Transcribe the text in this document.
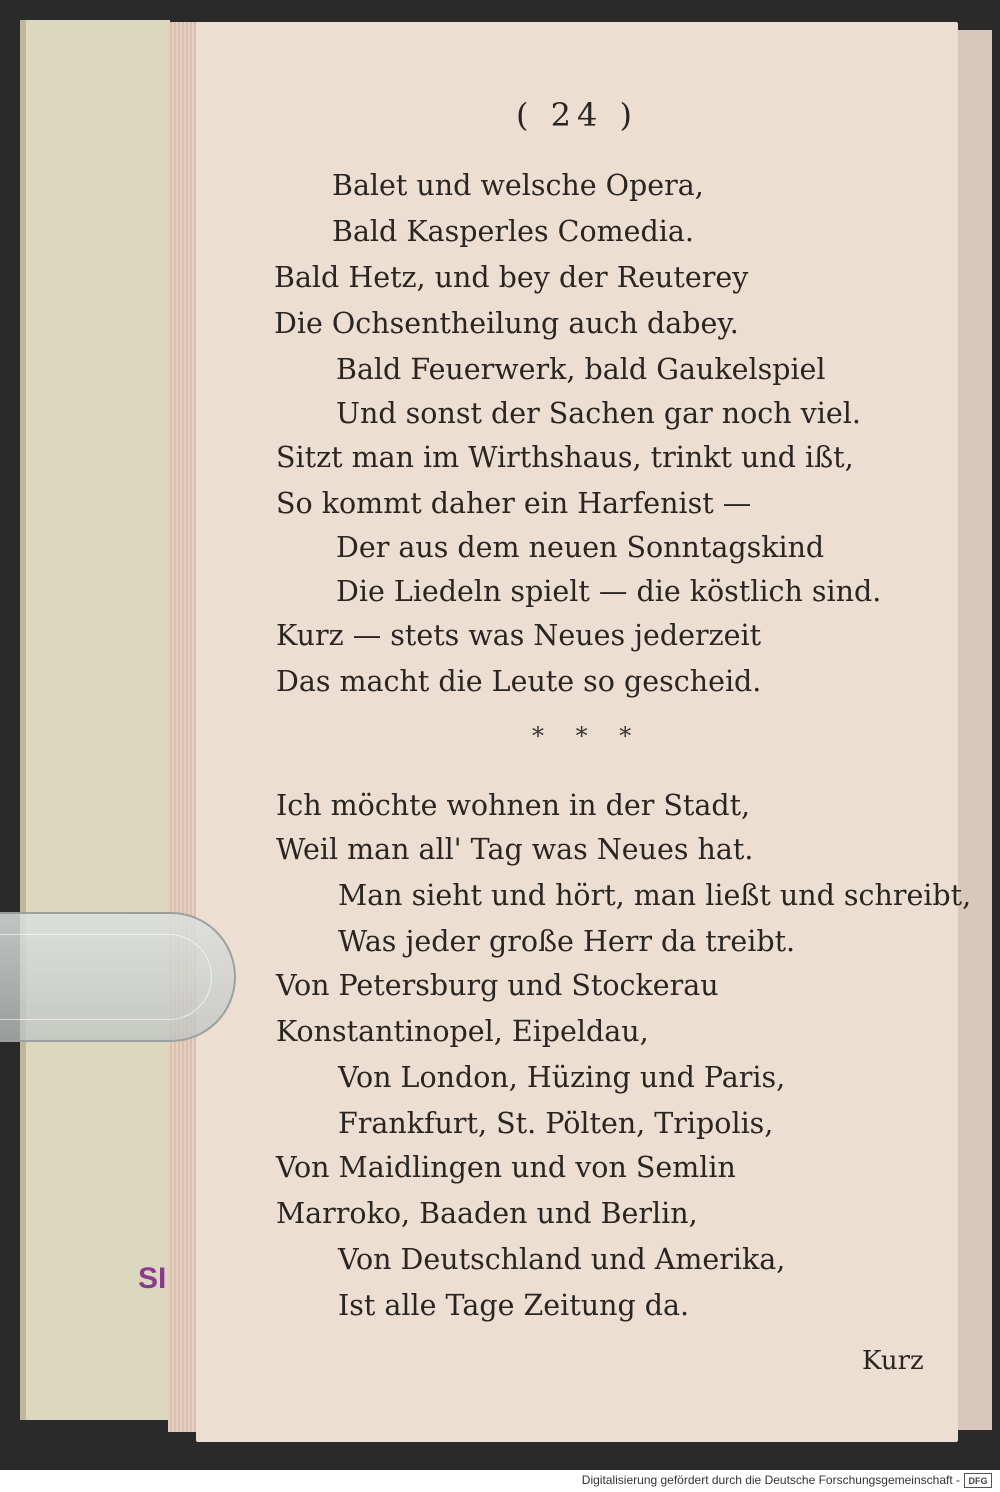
SI
( 24 )
Balet und welsche Opera,
Bald Kasperles Comedia.
Bald Hetz, und bey der Reuterey
Die Ochsentheilung auch dabey.
Bald Feuerwerk, bald Gaukelspiel
Und sonst der Sachen gar noch viel.
Sitzt man im Wirthshaus, trinkt und ißt,
So kommt daher ein Harfenist —
Der aus dem neuen Sonntagskind
Die Liedeln spielt — die köstlich sind.
Kurz — stets was Neues jederzeit
Das macht die Leute so gescheid.
* * *
Ich möchte wohnen in der Stadt,
Weil man all' Tag was Neues hat.
Man sieht und hört, man ließt und schreibt,
Was jeder große Herr da treibt.
Von Petersburg und Stockerau
Konstantinopel, Eipeldau,
Von London, Hüzing und Paris,
Frankfurt, St. Pölten, Tripolis,
Von Maidlingen und von Semlin
Marroko, Baaden und Berlin,
Von Deutschland und Amerika,
Ist alle Tage Zeitung da.
Kurz
Digitalisierung gefördert durch die Deutsche Forschungsgemeinschaft - DFG
